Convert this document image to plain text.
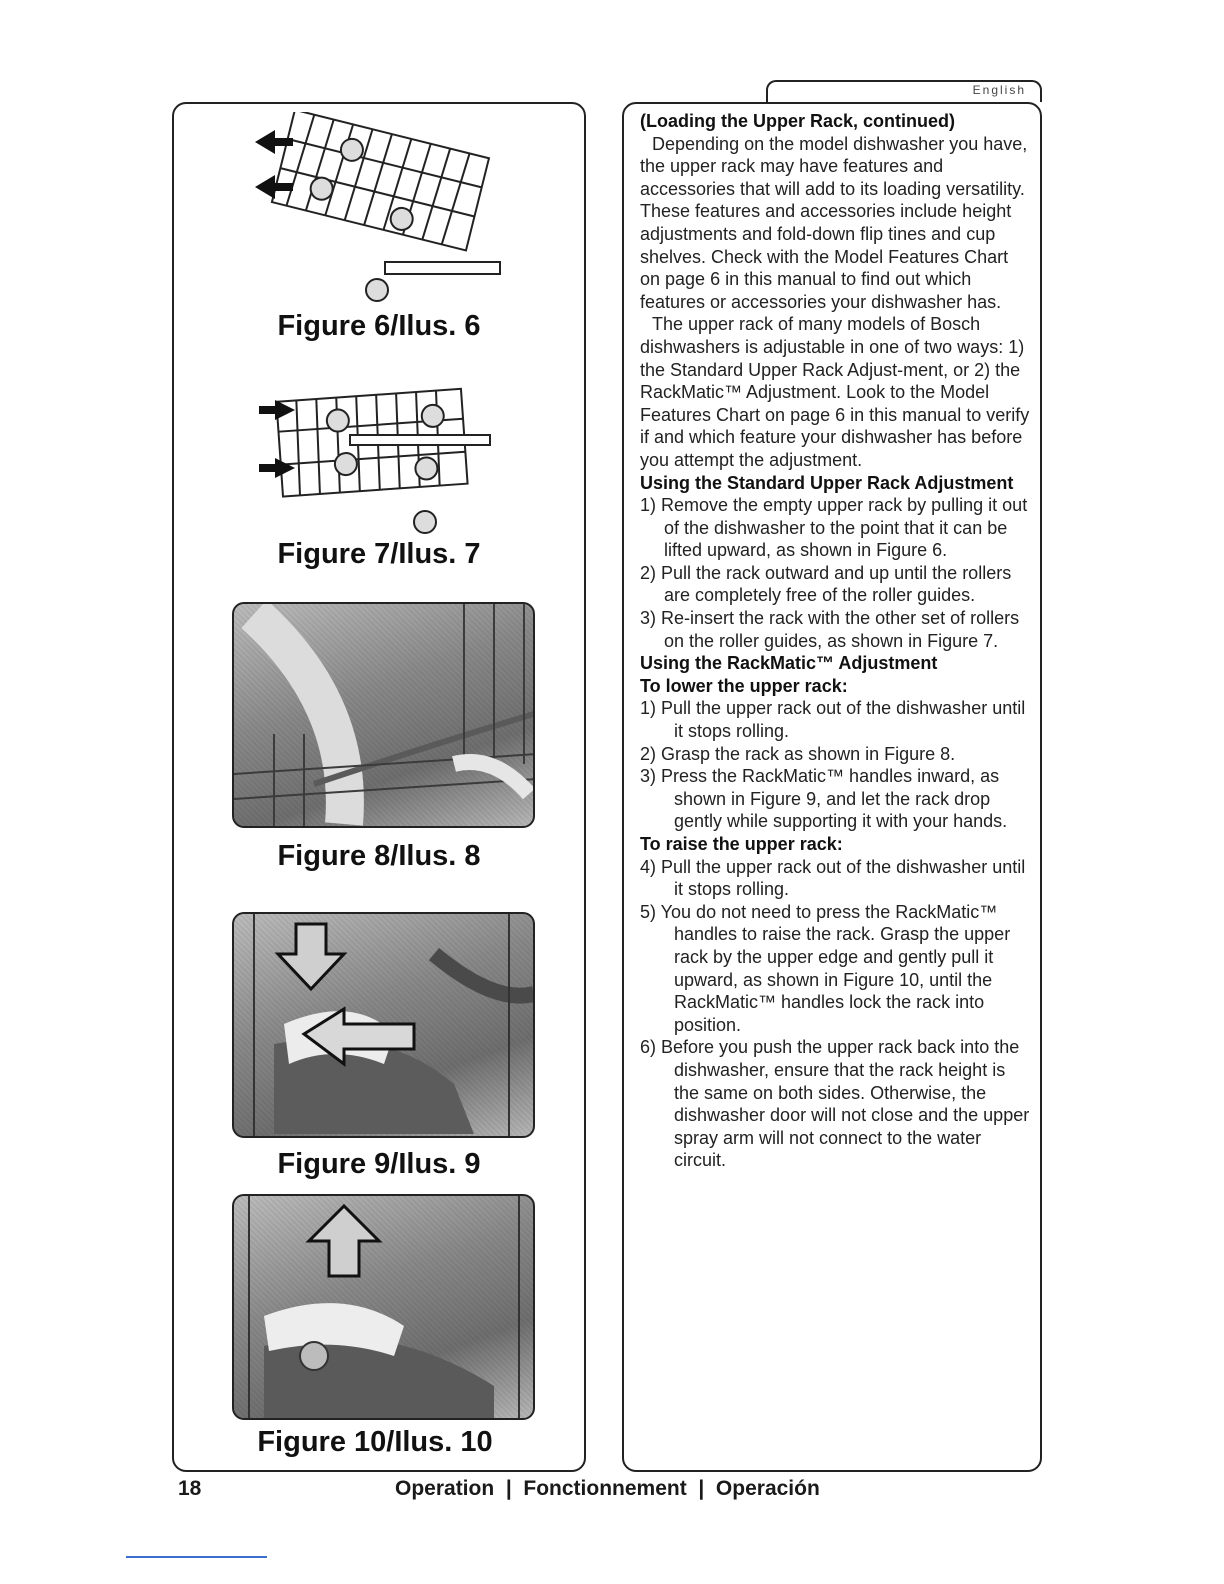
English
Figure 6/Ilus. 6
Figure 7/Ilus. 7
Figure 8/Ilus. 8
Figure 9/Ilus. 9
Figure 10/Ilus. 10

(Loading the Upper Rack, continued)

Depending on the model dishwasher you have, the upper rack may have features and accessories that will add to its loading versatility. These features and accessories include height adjustments and fold-down flip tines and cup shelves. Check with the Model Features Chart on page 6 in this manual to find out which features or accessories your dishwasher has.

The upper rack of many models of Bosch dishwashers is adjustable in one of two ways: 1) the Standard Upper Rack Adjust-ment, or 2) the RackMatic™ Adjustment. Look to the Model Features Chart on page 6 in this manual to verify if and which feature your dishwasher has before you attempt the adjustment.

Using the Standard Upper Rack Adjustment

1) Remove the empty upper rack by pulling it out of the dishwasher to the point that it can be lifted upward, as shown in Figure 6.

2) Pull the rack outward and up until the rollers are completely free of the roller guides.

3) Re-insert the rack with the other set of rollers on the roller guides, as shown in Figure 7.

Using the RackMatic™ Adjustment

To lower the upper rack:

1) Pull the upper rack out of the dishwasher until it stops rolling.

2) Grasp the rack as shown in Figure 8.

3) Press the RackMatic™ handles inward, as shown in Figure 9, and let the rack drop gently while supporting it with your hands.

To raise the upper rack:

4) Pull the upper rack out of the dishwasher until it stops rolling.

5) You do not need to press the RackMatic™ handles to raise the rack. Grasp the upper rack by the upper edge and gently pull it upward, as shown in Figure 10, until the RackMatic™ handles lock the rack into position.

6) Before you push the upper rack back into the dishwasher, ensure that the rack height is the same on both sides. Otherwise, the dishwasher door will not close and the upper spray arm will not connect to the water circuit.

18	Operation  |  Fonctionnement  |  Operación
